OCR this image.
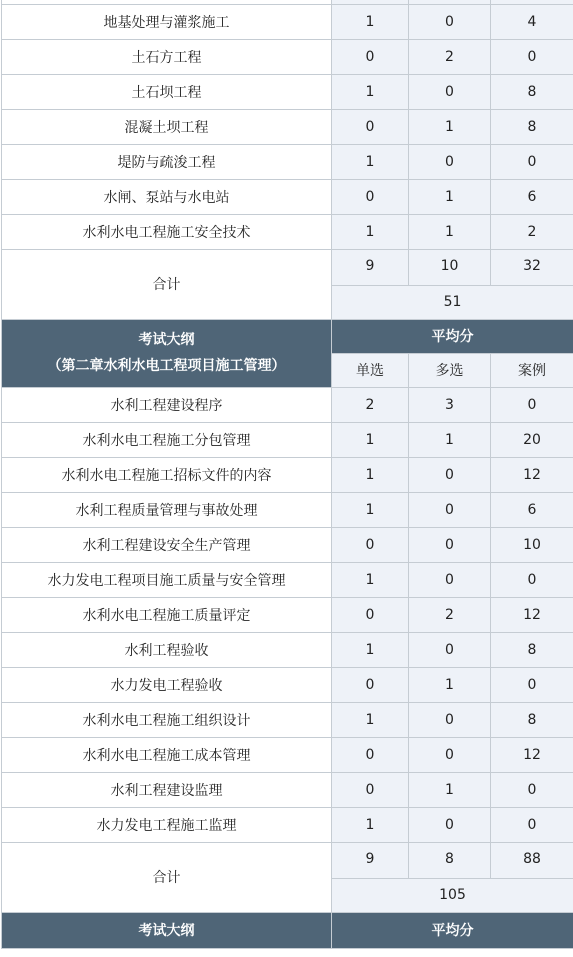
地基处理与灌浆施工	1	0	4
土石方工程	0	2	0
土石坝工程	1	0	8
混凝土坝工程	0	1	8
堤防与疏浚工程	1	0	0
水闸、泵站与水电站	0	1	6
水利水电工程施工安全技术	1	1	2
合计	9	10	32
	51		

考试大纲
（第二章水利水电工程项目施工管理）	平均分		
	单选	多选	案例
水利工程建设程序	2	3	0
水利水电工程施工分包管理	1	1	20
水利水电工程施工招标文件的内容	1	0	12
水利工程质量管理与事故处理	1	0	6
水利工程建设安全生产管理	0	0	10
水力发电工程项目施工质量与安全管理	1	0	0
水利水电工程施工质量评定	0	2	12
水利工程验收	1	0	8
水力发电工程验收	0	1	0
水利水电工程施工组织设计	1	0	8
水利水电工程施工成本管理	0	0	12
水利工程建设监理	0	1	0
水力发电工程施工监理	1	0	0
合计	9	8	88
	105		
考试大纲	平均分		
